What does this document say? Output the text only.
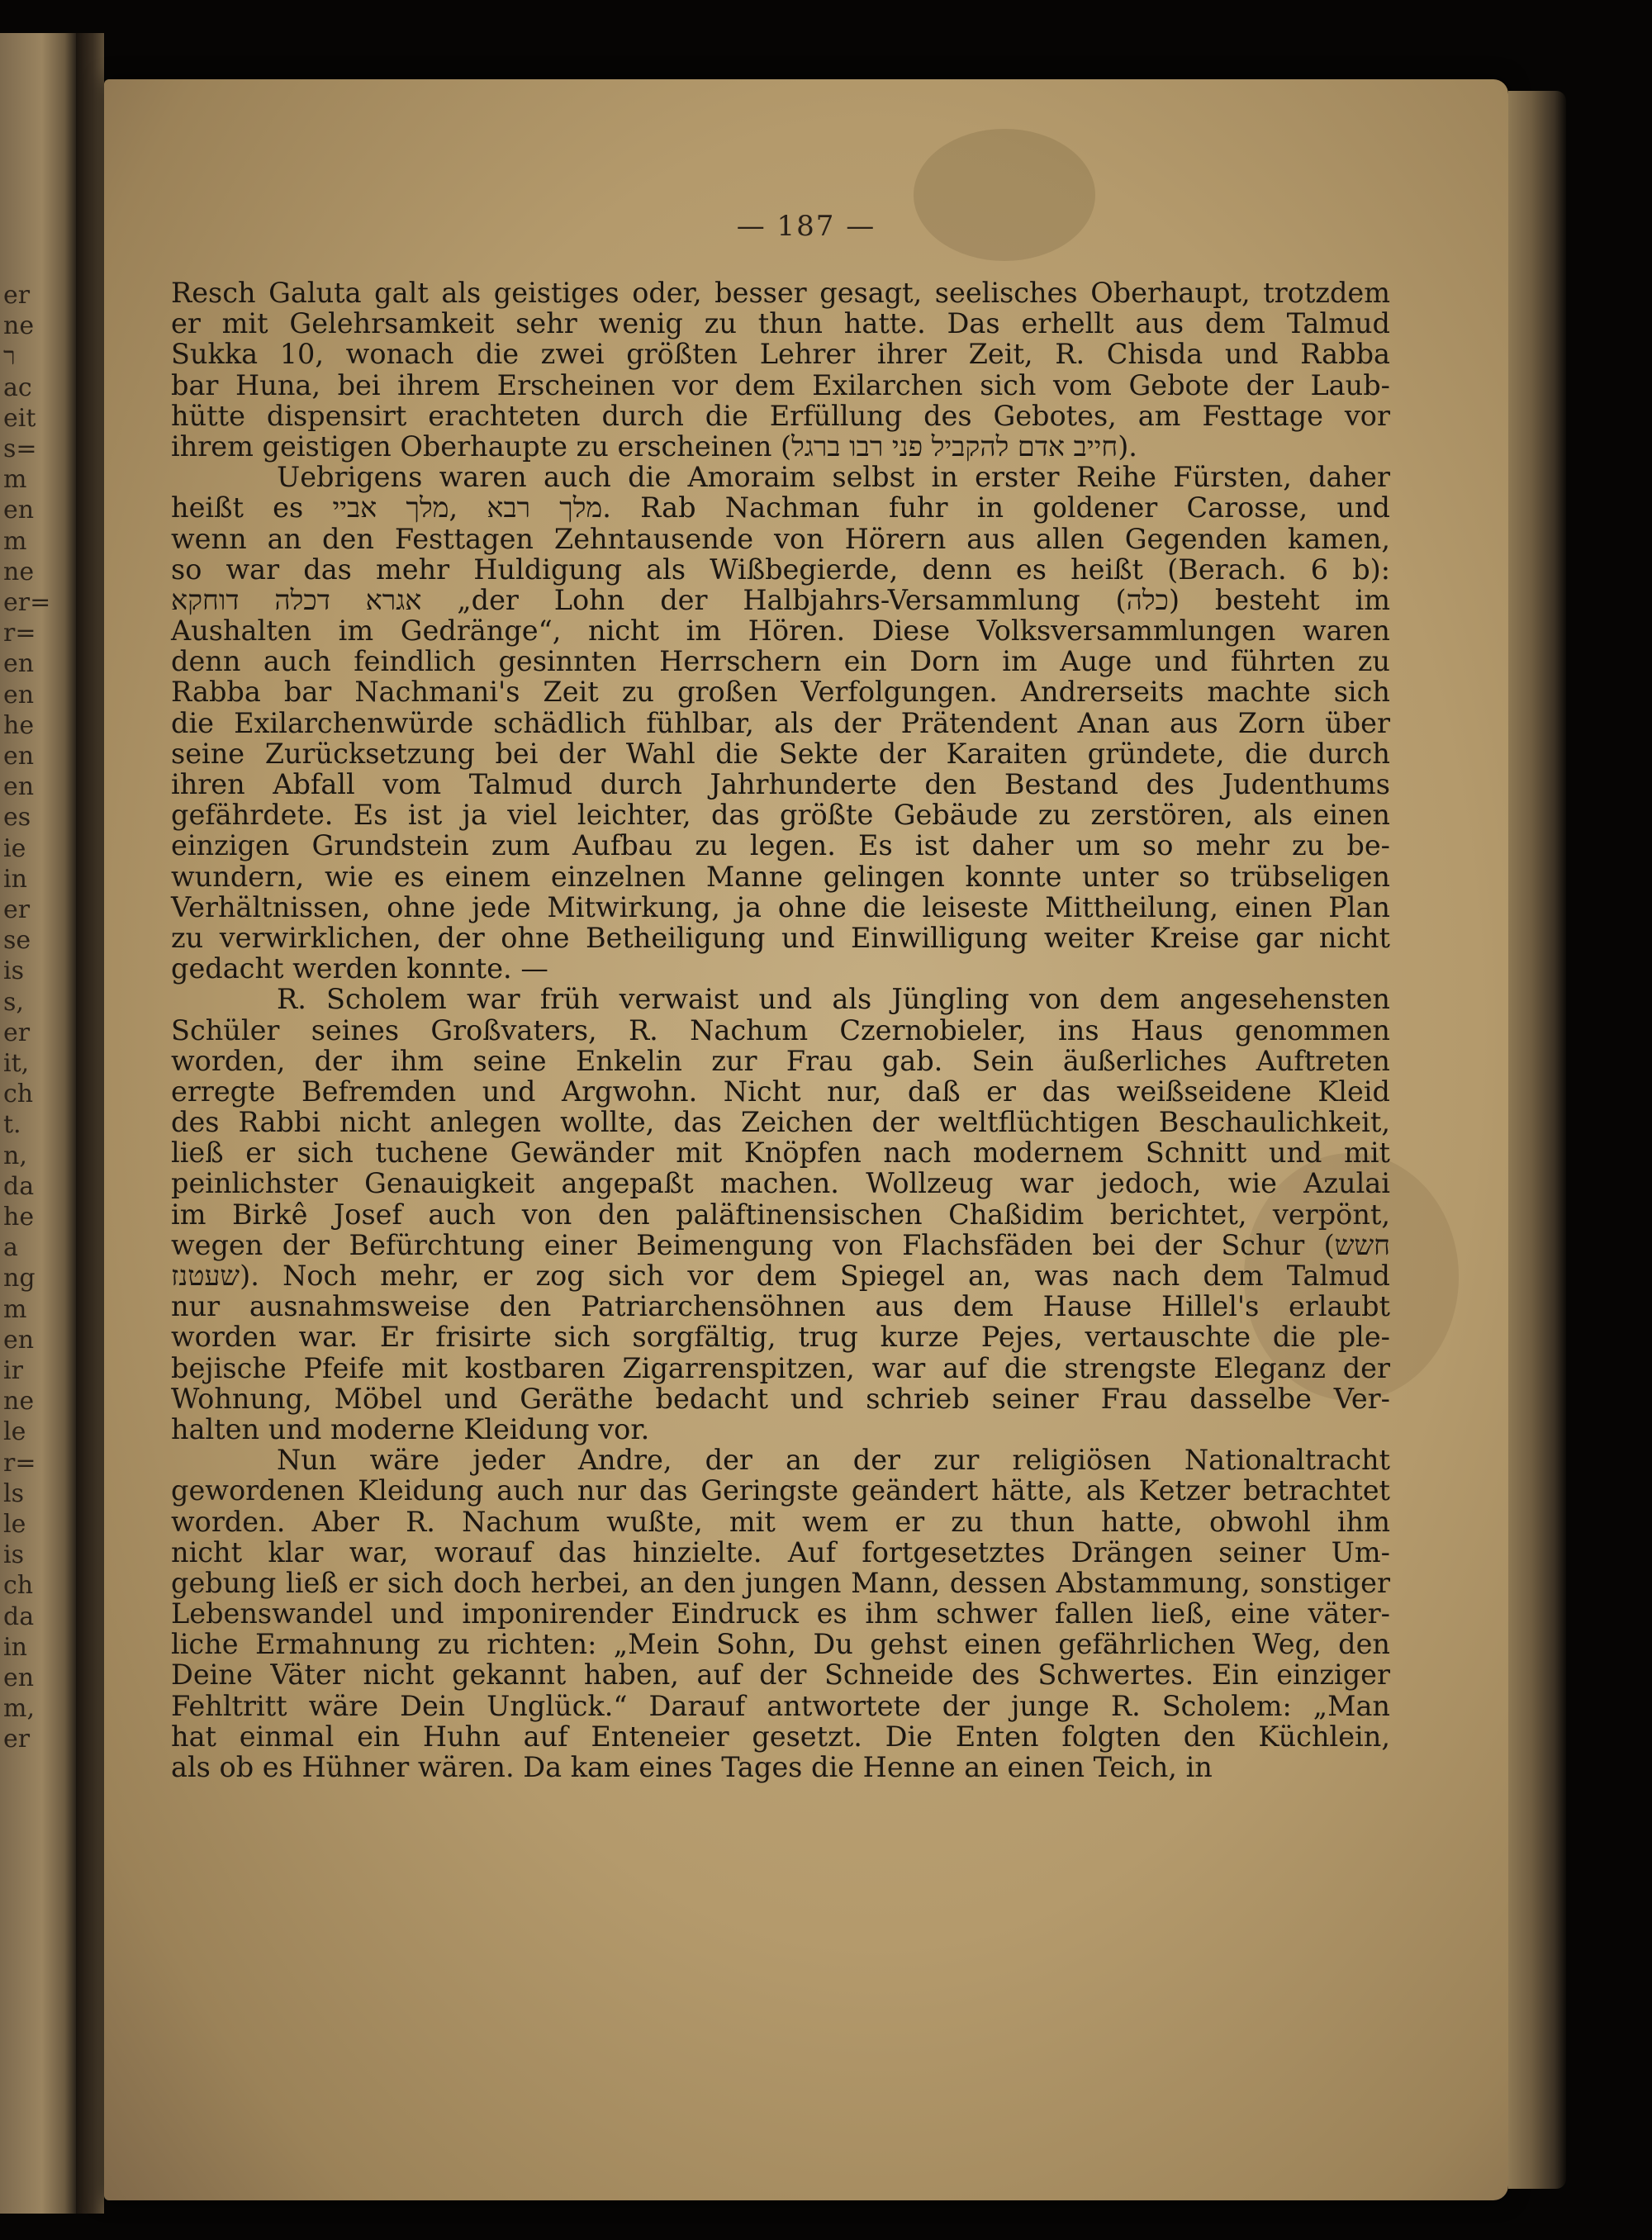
er
ne
ר
ac
eit
s=
m
en
m
ne
er=
r=
en
en
he
en
en
es
ie
in
er
se
is
s,
er
it,
ch
t.
n,
da
he
a
ng
m
en
ir
ne
le
r=
ls
le
is
ch
da
in
en
m,
er
— 187 —
Resch Galuta galt als geistiges oder, besser gesagt, seelisches Oberhaupt, trotzdem
er mit Gelehrsamkeit sehr wenig zu thun hatte. Das erhellt aus dem Talmud
Sukka 10, wonach die zwei größten Lehrer ihrer Zeit, R. Chisda und Rabba
bar Huna, bei ihrem Erscheinen vor dem Exilarchen sich vom Gebote der Laub-
hütte dispensirt erachteten durch die Erfüllung des Gebotes, am Festtage vor
ihrem geistigen Oberhaupte zu erscheinen (חייב אדם להקביל פני רבו ברגל).
Uebrigens waren auch die Amoraim selbst in erster Reihe Fürsten, daher
heißt es מלך רבא ,מלך אביי. Rab Nachman fuhr in goldener Carosse, und
wenn an den Festtagen Zehntausende von Hörern aus allen Gegenden kamen,
so war das mehr Huldigung als Wißbegierde, denn es heißt (Berach. 6 b):
אגרא דכלה דוחקא „der Lohn der Halbjahrs-Versammlung (כלה) besteht im
Aushalten im Gedränge“, nicht im Hören. Diese Volksversammlungen waren
denn auch feindlich gesinnten Herrschern ein Dorn im Auge und führten zu
Rabba bar Nachmani's Zeit zu großen Verfolgungen. Andrerseits machte sich
die Exilarchenwürde schädlich fühlbar, als der Prätendent Anan aus Zorn über
seine Zurücksetzung bei der Wahl die Sekte der Karaiten gründete, die durch
ihren Abfall vom Talmud durch Jahrhunderte den Bestand des Judenthums
gefährdete. Es ist ja viel leichter, das größte Gebäude zu zerstören, als einen
einzigen Grundstein zum Aufbau zu legen. Es ist daher um so mehr zu be-
wundern, wie es einem einzelnen Manne gelingen konnte unter so trübseligen
Verhältnissen, ohne jede Mitwirkung, ja ohne die leiseste Mittheilung, einen Plan
zu verwirklichen, der ohne Betheiligung und Einwilligung weiter Kreise gar nicht
gedacht werden konnte. —
R. Scholem war früh verwaist und als Jüngling von dem angesehensten
Schüler seines Großvaters, R. Nachum Czernobieler, ins Haus genommen
worden, der ihm seine Enkelin zur Frau gab. Sein äußerliches Auftreten
erregte Befremden und Argwohn. Nicht nur, daß er das weißseidene Kleid
des Rabbi nicht anlegen wollte, das Zeichen der weltflüchtigen Beschaulichkeit,
ließ er sich tuchene Gewänder mit Knöpfen nach modernem Schnitt und mit
peinlichster Genauigkeit angepaßt machen. Wollzeug war jedoch, wie Azulai
im Birkê Josef auch von den paläftinensischen Chaßidim berichtet, verpönt,
wegen der Befürchtung einer Beimengung von Flachsfäden bei der Schur (חשש
שעטנז). Noch mehr, er zog sich vor dem Spiegel an, was nach dem Talmud
nur ausnahmsweise den Patriarchensöhnen aus dem Hause Hillel's erlaubt
worden war. Er frisirte sich sorgfältig, trug kurze Pejes, vertauschte die ple-
bejische Pfeife mit kostbaren Zigarrenspitzen, war auf die strengste Eleganz der
Wohnung, Möbel und Geräthe bedacht und schrieb seiner Frau dasselbe Ver-
halten und moderne Kleidung vor.
Nun wäre jeder Andre, der an der zur religiösen Nationaltracht
gewordenen Kleidung auch nur das Geringste geändert hätte, als Ketzer betrachtet
worden. Aber R. Nachum wußte, mit wem er zu thun hatte, obwohl ihm
nicht klar war, worauf das hinzielte. Auf fortgesetztes Drängen seiner Um-
gebung ließ er sich doch herbei, an den jungen Mann, dessen Abstammung, sonstiger
Lebenswandel und imponirender Eindruck es ihm schwer fallen ließ, eine väter-
liche Ermahnung zu richten: „Mein Sohn, Du gehst einen gefährlichen Weg, den
Deine Väter nicht gekannt haben, auf der Schneide des Schwertes. Ein einziger
Fehltritt wäre Dein Unglück.“ Darauf antwortete der junge R. Scholem: „Man
hat einmal ein Huhn auf Enteneier gesetzt. Die Enten folgten den Küchlein,
als ob es Hühner wären. Da kam eines Tages die Henne an einen Teich, in
